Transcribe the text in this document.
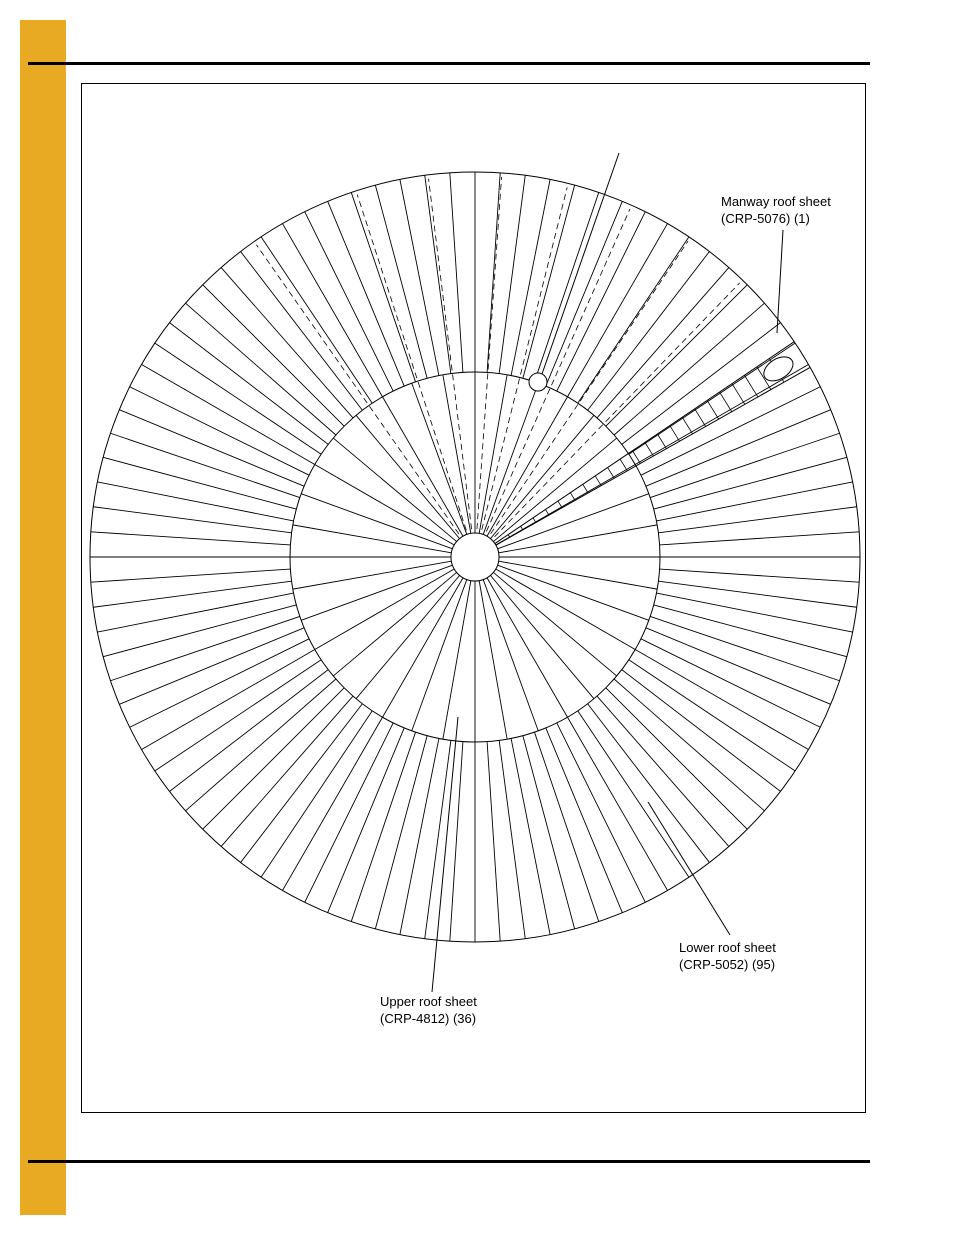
Manway roof sheet
(CRP-5076) (1)
Lower roof sheet
(CRP-5052) (95)
Upper roof sheet
(CRP-4812) (36)
